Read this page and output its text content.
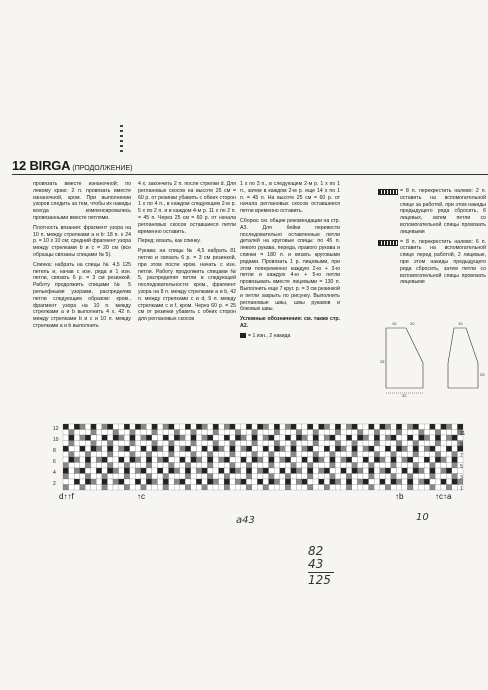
12 BIRGA (ПРОДОЛЖЕНИЕ)

провязать вместе изнаночной; по левому краю: 2 п. провязать вместе изнаночной, кром. При выполнении узоров следить за тем, чтобы их накиды всегда компенсировались провязанными вместе петлями.

Плотность вязания: фрагмент узора на 10 п. между стрелками a и b: 18 п. x 24 р. = 10 x 10 см; средний фрагмент узора между стрелками b и c = 20 см (все образцы связаны спицами № 5).

Спинка: набрать на спицы № 4,5 125 петель и, начав с изн. ряда и 1 изн. петли, связать 6 р. = 3 см резинкой. Работу продолжить спицами № 5 рельефными узорами, распределив петли следующим образом: кром., фрагмент узора на 10 п. между стрелками a и b выполнить 4 х, 42 п. между стрелками b и с и 10 п. между стрелками a и b выполнить

4 х, закончить 2 п. после стрелки d. Для реглановых скосов на высоте 25 см = 60 р. от резинки убавить с обеих сторон 1 х по 4 п., в каждом следующем 2-м р. 5 х по 2 п. и в каждом 4-м р. 11 х по 2 п. = 45 п. Через 25 см = 60 р. от начала реглановых скосов оставшиеся петли временно оставить.

Перед: вязать, как спинку.

Рукава: на спицы № 4,5 набрать 81 петлю и связать 6 р. = 3 см резинкой, при этом после кром. начать с изн. петли. Работу продолжить спицами № 5, распределяя петли в следующей последовательности: кром., фрагмент узора на 8 п. между стрелками a и b, 42 п. между стрелками c и d, 9 п. между стрелками с и f, кром. Через 60 р. = 25 см от резинки убавить с обеих сторон для реглановых скосов

1 х по 3 п., в следующем 2-м р. 1 х по 1 п., затем в каждом 2-м р. еще 14 х по 1 п. = 45 п. На высоте 25 см = 60 р. от начала реглановых скосов оставшиеся петли временно оставить.

Сборка: см. общие рекомендации на стр. А3. Для бейки перевести последовательно оставленные петли деталей на круговые спицы: по 45 п. левого рукава, переда, правого рукава и спинки = 180 п. и вязать круговыми рядами. Провязать 1 р. лицевыми, при этом попеременно каждую 2-ю + 3-ю петли и каждую 4-ю + 5-ю петли провязывать вместе лицевыми = 130 п. Выполнить еще 7 круг. р. = 3 см резинкой и петли закрыть по рисунку. Выполнить реглановые швы, швы рукавов и боковые швы.

Условные обозначения: см. также стр. А2.

= 1 изн., 2 накида
= 8 п. перекрестить налево: 2 п. оставить на вспомогательной спице за работой, при этом накиды предыдущего ряда сбросить, 6 лицевых, затем петли со вспомогательной спицы провязать лицевыми
= 8 п. перекрестить налево: 6 п. оставить на вспомогательной спице перед работой, 2 лицевые, при этом накиды предыдущего ряда сбросить, затем петли со вспомогательной спицы провязать лицевыми
10	20
32
25
10
25
12
10
8
6
4
2
11
9
7
5
3
1
d↑↑f	↑c	↑b	↑c↑a
a43	10
82
43
125
